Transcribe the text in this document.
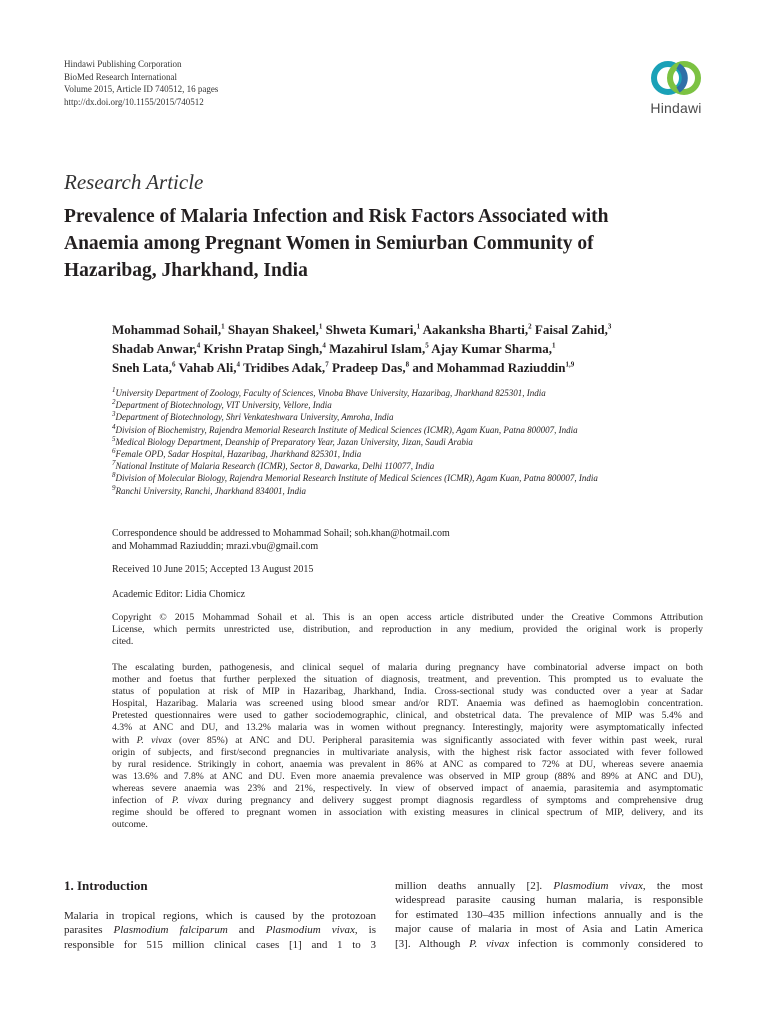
Hindawi Publishing Corporation
BioMed Research International
Volume 2015, Article ID 740512, 16 pages
http://dx.doi.org/10.1155/2015/740512	Hindawi
Research Article
Prevalence of Malaria Infection and Risk Factors Associated with
Anaemia among Pregnant Women in Semiurban Community of
Hazaribag, Jharkhand, India
Mohammad Sohail,$^1$ Shayan Shakeel,$^1$ Shweta Kumari,$^1$ Aakanksha Bharti,$^2$ Faisal Zahid,$^3$
Shadab Anwar,$^4$ Krishn Pratap Singh,$^4$ Mazahirul Islam,$^5$ Ajay Kumar Sharma,$^1$
Sneh Lata,$^6$ Vahab Ali,$^4$ Tridibes Adak,$^7$ Pradeep Das,$^8$ and Mohammad Raziuddin$^{1,9}$
$^1$University Department of Zoology, Faculty of Sciences, Vinoba Bhave University, Hazaribag, Jharkhand 825301, India
$^2$Department of Biotechnology, VIT University, Vellore, India
$^3$Department of Biotechnology, Shri Venkateshwara University, Amroha, India
$^4$Division of Biochemistry, Rajendra Memorial Research Institute of Medical Sciences (ICMR), Agam Kuan, Patna 800007, India
$^5$Medical Biology Department, Deanship of Preparatory Year, Jazan University, Jizan, Saudi Arabia
$^6$Female OPD, Sadar Hospital, Hazaribag, Jharkhand 825301, India
$^7$National Institute of Malaria Research (ICMR), Sector 8, Dawarka, Delhi 110077, India
$^8$Division of Molecular Biology, Rajendra Memorial Research Institute of Medical Sciences (ICMR), Agam Kuan, Patna 800007, India
$^9$Ranchi University, Ranchi, Jharkhand 834001, India
Correspondence should be addressed to Mohammad Sohail; soh.khan@hotmail.com
and Mohammad Raziuddin; mrazi.vbu@gmail.com
Received 10 June 2015; Accepted 13 August 2015
Academic Editor: Lidia Chomicz
Copyright © 2015 Mohammad Sohail et al. This is an open access article distributed under the Creative Commons Attribution
License, which permits unrestricted use, distribution, and reproduction in any medium, provided the original work is properly
cited.
The escalating burden, pathogenesis, and clinical sequel of malaria during pregnancy have combinatorial adverse impact on both
mother and foetus that further perplexed the situation of diagnosis, treatment, and prevention. This prompted us to evaluate the
status of population at risk of MIP in Hazaribag, Jharkhand, India. Cross-sectional study was conducted over a year at Sadar
Hospital, Hazaribag. Malaria was screened using blood smear and/or RDT. Anaemia was defined as haemoglobin concentration.
Pretested questionnaires were used to gather sociodemographic, clinical, and obstetrical data. The prevalence of MIP was 5.4% and
4.3% at ANC and DU, and 13.2% malaria was in women without pregnancy. Interestingly, majority were asymptomatically infected
with P. vivax (over 85%) at ANC and DU. Peripheral parasitemia was significantly associated with fever within past week, rural
origin of subjects, and first/second pregnancies in multivariate analysis, with the highest risk factor associated with fever followed
by rural residence. Strikingly in cohort, anaemia was prevalent in 86% at ANC as compared to 72% at DU, whereas severe anaemia
was 13.6% and 7.8% at ANC and DU. Even more anaemia prevalence was observed in MIP group (88% and 89% at ANC and DU),
whereas severe anaemia was 23% and 21%, respectively. In view of observed impact of anaemia, parasitemia and asymptomatic
infection of P. vivax during pregnancy and delivery suggest prompt diagnosis regardless of symptoms and comprehensive drug
regime should be offered to pregnant women in association with existing measures in clinical spectrum of MIP, delivery, and its
outcome.
1. Introduction
Malaria in tropical regions, which is caused by the protozoan
parasites Plasmodium falciparum and Plasmodium vivax, is
responsible for 515 million clinical cases [1] and 1 to 3
million deaths annually [2]. Plasmodium vivax, the most
widespread parasite causing human malaria, is responsible
for estimated 130–435 million infections annually and is the
major cause of malaria in most of Asia and Latin America
[3]. Although P. vivax infection is commonly considered to
